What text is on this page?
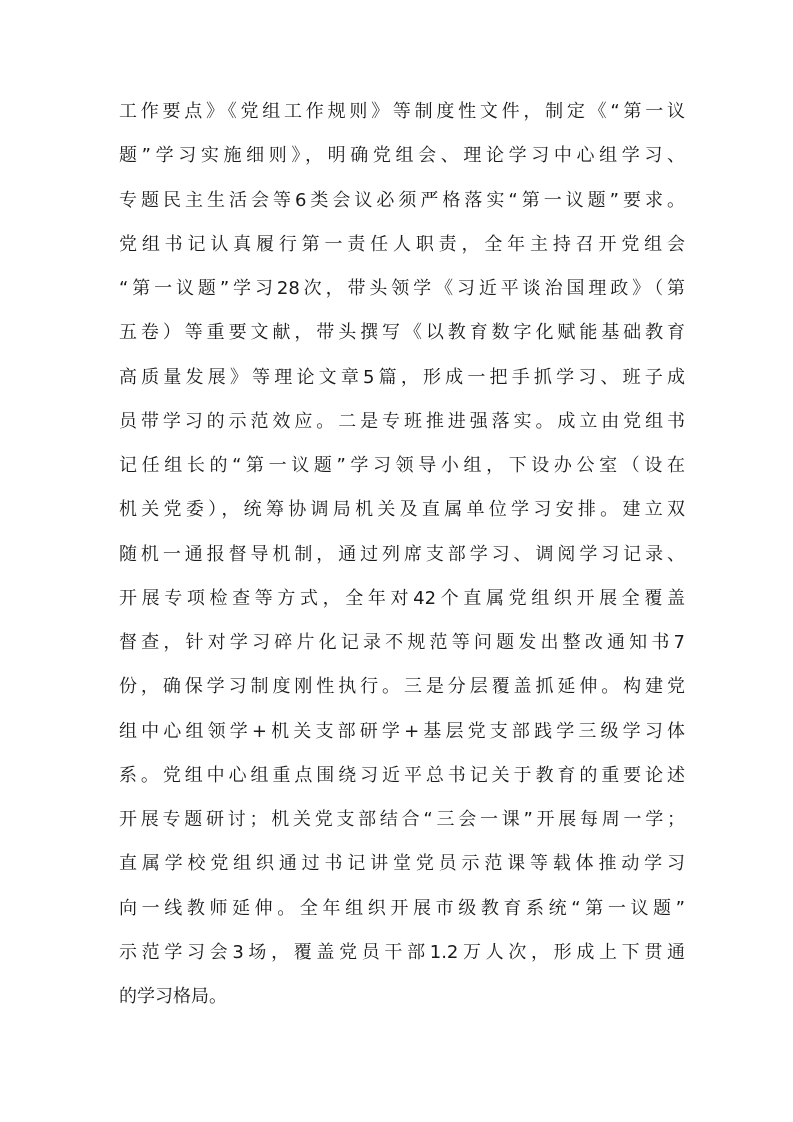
工作要点》《党组工作规则》等制度性文件，制定《“第一议
题”学习实施细则》，明确党组会、理论学习中心组学习、
专题民主生活会等6类会议必须严格落实“第一议题”要求。
党组书记认真履行第一责任人职责，全年主持召开党组会
“第一议题”学习28次，带头领学《习近平谈治国理政》（第
五卷）等重要文献，带头撰写《以教育数字化赋能基础教育
高质量发展》等理论文章5篇，形成一把手抓学习、班子成
员带学习的示范效应。二是专班推进强落实。成立由党组书
记任组长的“第一议题”学习领导小组，下设办公室（设在
机关党委），统筹协调局机关及直属单位学习安排。建立双
随机一通报督导机制，通过列席支部学习、调阅学习记录、
开展专项检查等方式，全年对42个直属党组织开展全覆盖
督查，针对学习碎片化记录不规范等问题发出整改通知书7
份，确保学习制度刚性执行。三是分层覆盖抓延伸。构建党
组中心组领学+机关支部研学+基层党支部践学三级学习体
系。党组中心组重点围绕习近平总书记关于教育的重要论述
开展专题研讨；机关党支部结合“三会一课”开展每周一学；
直属学校党组织通过书记讲堂党员示范课等载体推动学习
向一线教师延伸。全年组织开展市级教育系统“第一议题”
示范学习会3场，覆盖党员干部1.2万人次，形成上下贯通
的学习格局。
